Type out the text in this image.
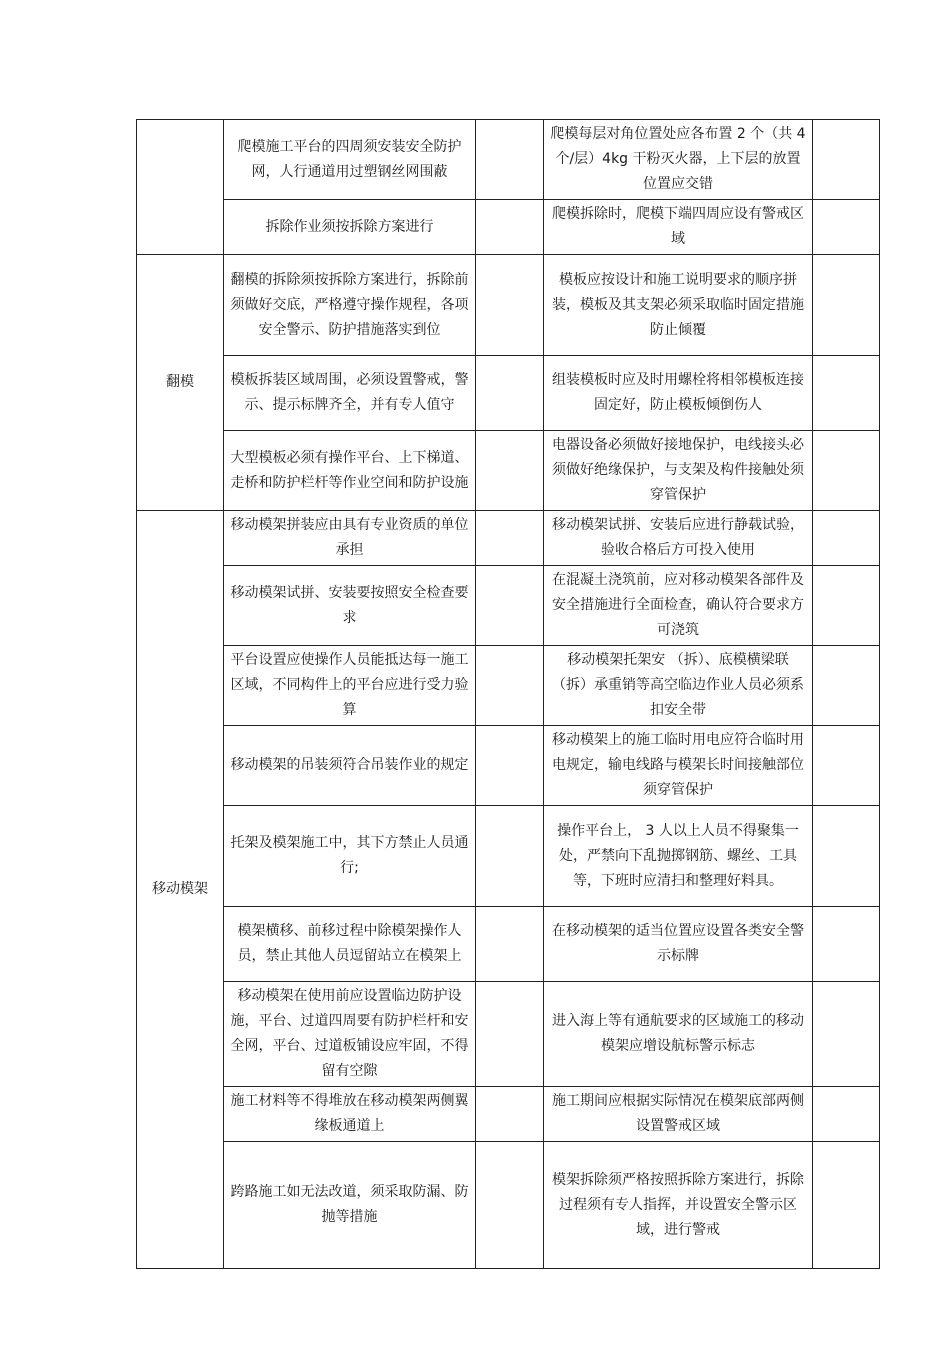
	爬模施工平台的四周须安装安全防护网，人行通道用过塑钢丝网围蔽		爬模每层对角位置处应各布置 2 个（共 4 个/层）4kg 干粉灭火器，上下层的放置位置应交错	
	拆除作业须按拆除方案进行		爬模拆除时，爬模下端四周应设有警戒区域	
翻模	翻模的拆除须按拆除方案进行，拆除前须做好交底，严格遵守操作规程，各项安全警示、防护措施落实到位		模板应按设计和施工说明要求的顺序拼装，模板及其支架必须采取临时固定措施防止倾覆	
	模板拆装区域周围，必须设置警戒，警示、提示标牌齐全，并有专人值守		组装模板时应及时用螺栓将相邻模板连接固定好，防止模板倾倒伤人	
	大型模板必须有操作平台、上下梯道、走桥和防护栏杆等作业空间和防护设施		电器设备必须做好接地保护，电线接头必须做好绝缘保护，与支架及构件接触处须穿管保护	
移动模架	移动模架拼装应由具有专业资质的单位承担		移动模架试拼、安装后应进行静载试验，验收合格后方可投入使用	
	移动模架试拼、安装要按照安全检查要求		在混凝土浇筑前，应对移动模架各部件及安全措施进行全面检查，确认符合要求方可浇筑	
	平台设置应使操作人员能抵达每一施工区域，不同构件上的平台应进行受力验算		移动模架托架安 （拆）、底模横梁联（拆）承重销等高空临边作业人员必须系扣安全带	
	移动模架的吊装须符合吊装作业的规定		移动模架上的施工临时用电应符合临时用电规定，输电线路与模架长时间接触部位须穿管保护	
	托架及模架施工中，其下方禁止人员通行;		操作平台上， 3 人以上人员不得聚集一处，严禁向下乱抛掷钢筋、螺丝、工具等，下班时应清扫和整理好料具。	
	模架横移、前移过程中除模架操作人员，禁止其他人员逗留站立在模架上		在移动模架的适当位置应设置各类安全警示标牌	
	移动模架在使用前应设置临边防护设施，平台、过道四周要有防护栏杆和安全网，平台、过道板铺设应牢固，不得留有空隙		进入海上等有通航要求的区域施工的移动模架应增设航标警示标志	
	施工材料等不得堆放在移动模架两侧翼缘板通道上		施工期间应根据实际情况在模架底部两侧设置警戒区域	
	跨路施工如无法改道，须采取防漏、防抛等措施		模架拆除须严格按照拆除方案进行，拆除过程须有专人指挥，并设置安全警示区域，进行警戒	
